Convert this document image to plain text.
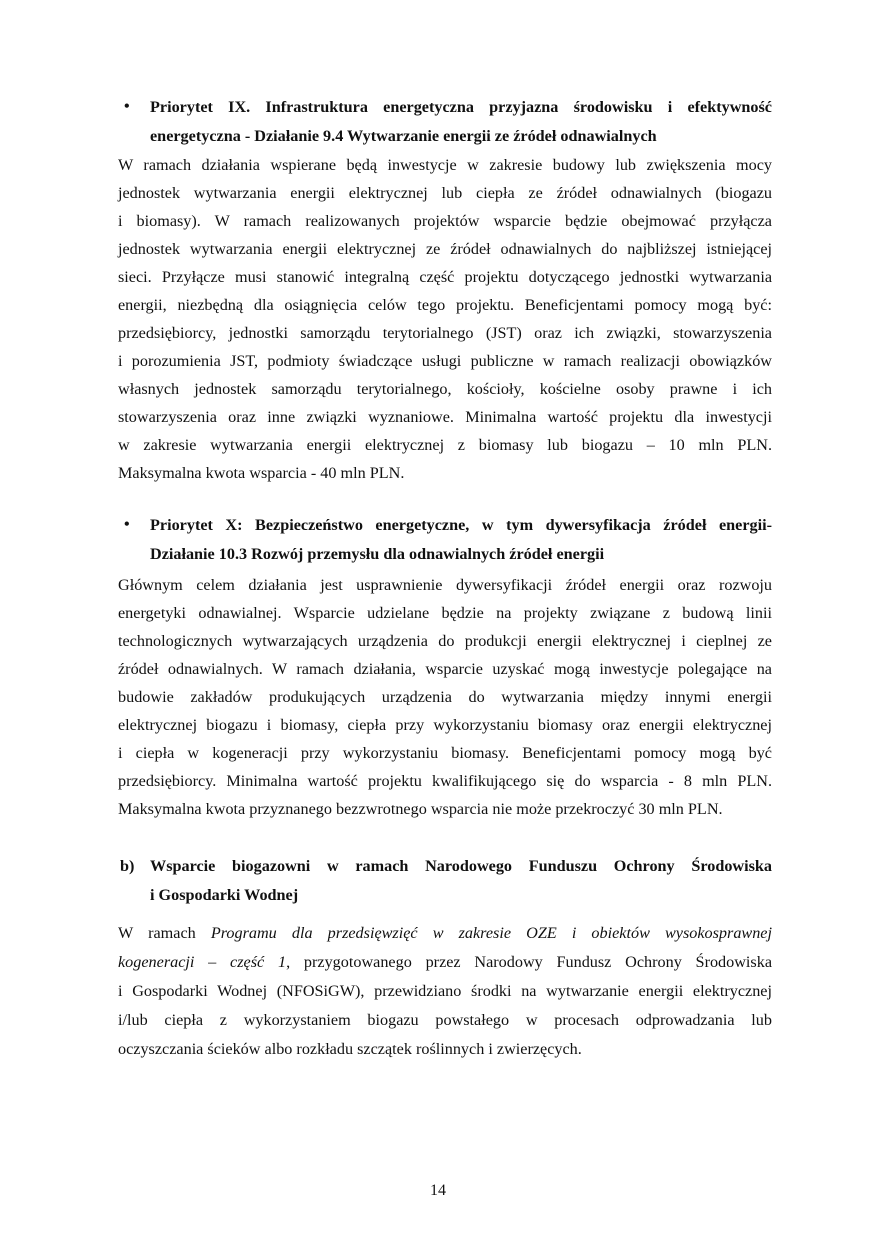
• Priorytet IX. Infrastruktura energetyczna przyjazna środowisku i efektywność
energetyczna - Działanie 9.4 Wytwarzanie energii ze źródeł odnawialnych
W ramach działania wspierane będą inwestycje w zakresie budowy lub zwiększenia mocy
jednostek wytwarzania energii elektrycznej lub ciepła ze źródeł odnawialnych (biogazu
i biomasy). W ramach realizowanych projektów wsparcie będzie obejmować przyłącza
jednostek wytwarzania energii elektrycznej ze źródeł odnawialnych do najbliższej istniejącej
sieci. Przyłącze musi stanowić integralną część projektu dotyczącego jednostki wytwarzania
energii, niezbędną dla osiągnięcia celów tego projektu. Beneficjentami pomocy mogą być:
przedsiębiorcy, jednostki samorządu terytorialnego (JST) oraz ich związki, stowarzyszenia
i porozumienia JST, podmioty świadczące usługi publiczne w ramach realizacji obowiązków
własnych jednostek samorządu terytorialnego, kościoły, kościelne osoby prawne i ich
stowarzyszenia oraz inne związki wyznaniowe. Minimalna wartość projektu dla inwestycji
w zakresie wytwarzania energii elektrycznej z biomasy lub biogazu – 10 mln PLN.
Maksymalna kwota wsparcia - 40 mln PLN.
• Priorytet X: Bezpieczeństwo energetyczne, w tym dywersyfikacja źródeł energii-
Działanie 10.3 Rozwój przemysłu dla odnawialnych źródeł energii
Głównym celem działania jest usprawnienie dywersyfikacji źródeł energii oraz rozwoju
energetyki odnawialnej. Wsparcie udzielane będzie na projekty związane z budową linii
technologicznych wytwarzających urządzenia do produkcji energii elektrycznej i cieplnej ze
źródeł odnawialnych. W ramach działania, wsparcie uzyskać mogą inwestycje polegające na
budowie zakładów produkujących urządzenia do wytwarzania między innymi energii
elektrycznej biogazu i biomasy, ciepła przy wykorzystaniu biomasy oraz energii elektrycznej
i ciepła w kogeneracji przy wykorzystaniu biomasy. Beneficjentami pomocy mogą być
przedsiębiorcy. Minimalna wartość projektu kwalifikującego się do wsparcia - 8 mln PLN.
Maksymalna kwota przyznanego bezzwrotnego wsparcia nie może przekroczyć 30 mln PLN.
b) Wsparcie biogazowni w ramach Narodowego Funduszu Ochrony Środowiska
i Gospodarki Wodnej
W ramach Programu dla przedsięwzięć w zakresie OZE i obiektów wysokosprawnej
kogeneracji – część 1, przygotowanego przez Narodowy Fundusz Ochrony Środowiska
i Gospodarki Wodnej (NFOSiGW), przewidziano środki na wytwarzanie energii elektrycznej
i/lub ciepła z wykorzystaniem biogazu powstałego w procesach odprowadzania lub
oczyszczania ścieków albo rozkładu szczątek roślinnych i zwierzęcych.
14
